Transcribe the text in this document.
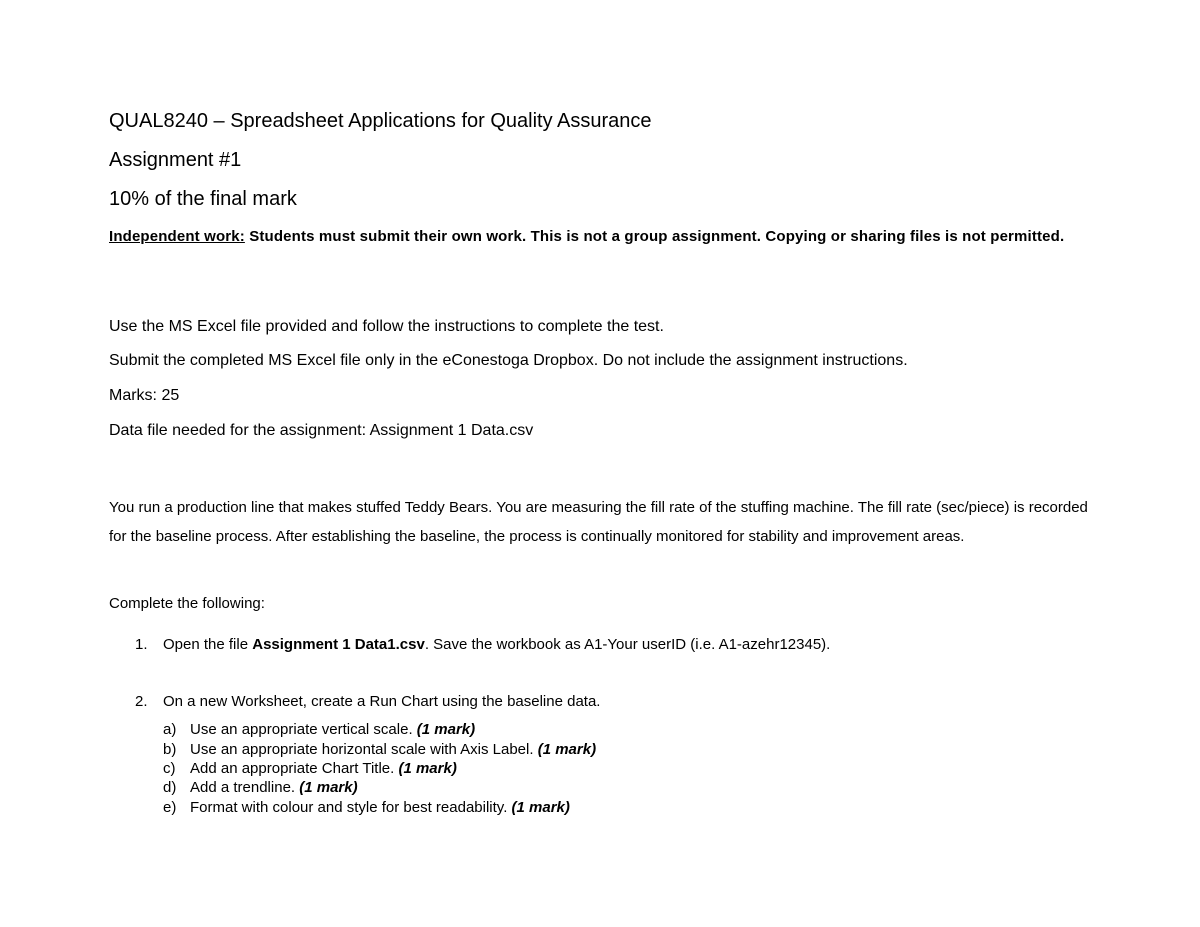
QUAL8240 – Spreadsheet Applications for Quality Assurance
Assignment #1
10% of the final mark
Independent work: Students must submit their own work. This is not a group assignment. Copying or sharing files is not permitted.
Use the MS Excel file provided and follow the instructions to complete the test.
Submit the completed MS Excel file only in the eConestoga Dropbox. Do not include the assignment instructions.
Marks: 25
Data file needed for the assignment: Assignment 1 Data.csv
You run a production line that makes stuffed Teddy Bears. You are measuring the fill rate of the stuffing machine. The fill rate (sec/piece) is recorded for the baseline process. After establishing the baseline, the process is continually monitored for stability and improvement areas.
Complete the following:
1. Open the file Assignment 1 Data1.csv. Save the workbook as A1-Your userID (i.e. A1-azehr12345).
2. On a new Worksheet, create a Run Chart using the baseline data.
a) Use an appropriate vertical scale. (1 mark)
b) Use an appropriate horizontal scale with Axis Label. (1 mark)
c) Add an appropriate Chart Title. (1 mark)
d) Add a trendline. (1 mark)
e) Format with colour and style for best readability. (1 mark)
